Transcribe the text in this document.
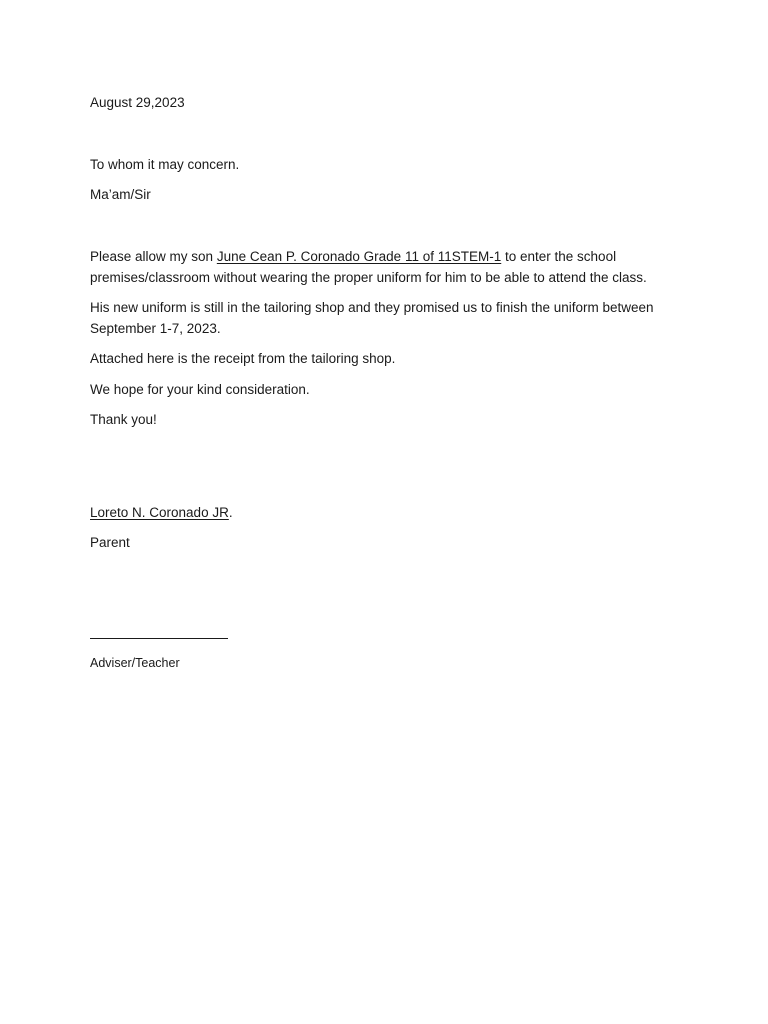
August 29,2023

To whom it may concern.

Ma’am/Sir

Please allow my son June Cean P. Coronado Grade 11 of 11STEM-1 to enter the school premises/classroom without wearing the proper uniform for him to be able to attend the class.

His new uniform is still in the tailoring shop and they promised us to finish the uniform between September 1-7, 2023.

Attached here is the receipt from the tailoring shop.

We hope for your kind consideration.

Thank you!

Loreto N. Coronado JR.

Parent

Adviser/Teacher
